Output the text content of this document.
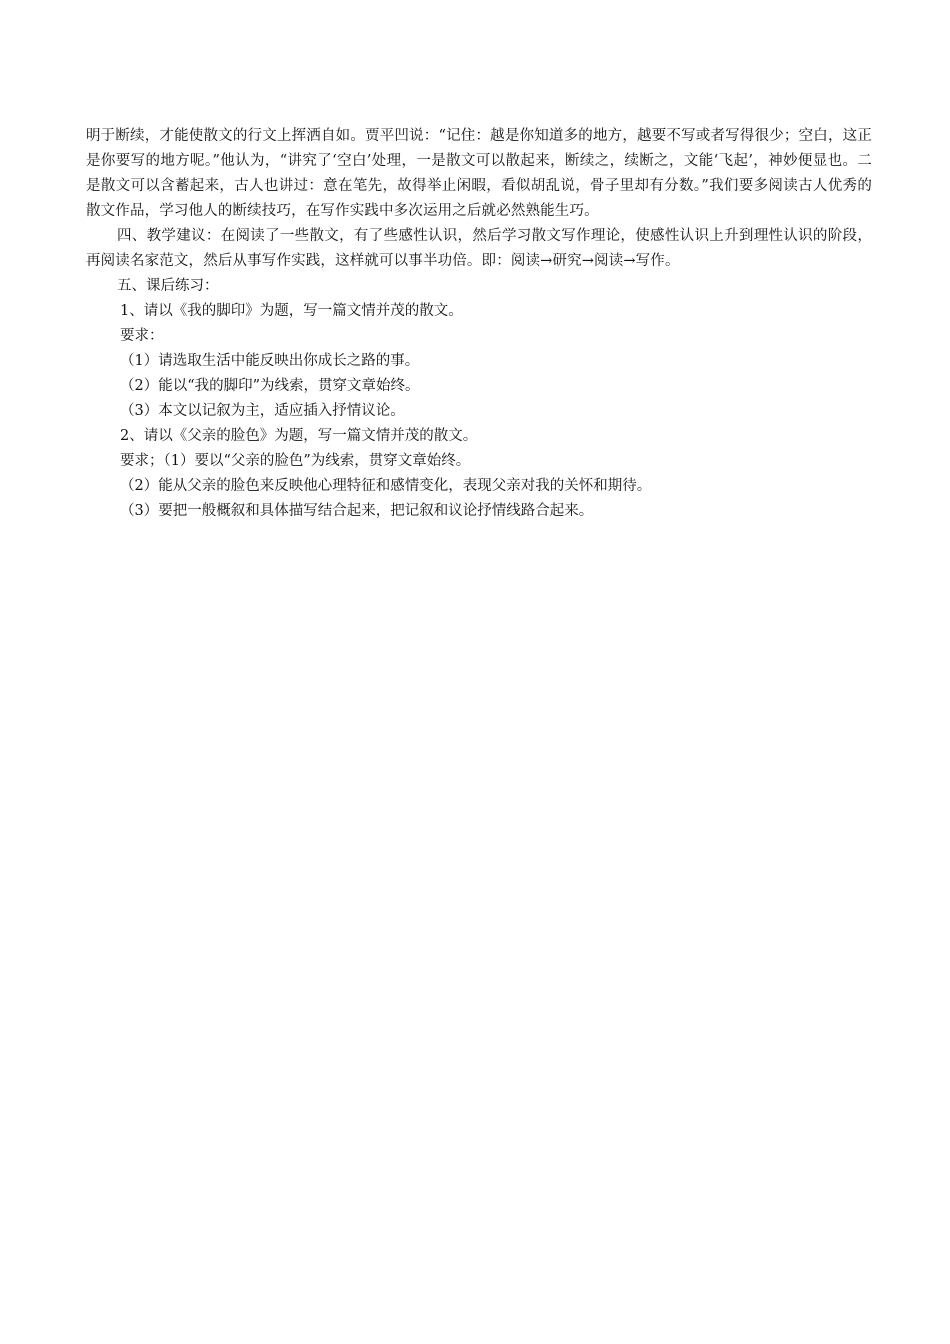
明于断续，才能使散文的行文上挥洒自如。贾平凹说：“记住：越是你知道多的地方，越要不写或者写得很少；空白，这正是你要写的地方呢。”他认为，“讲究了‘空白’处理，一是散文可以散起来，断续之，续断之，文能‘飞起’，神妙便显也。二是散文可以含蓄起来，古人也讲过：意在笔先，故得举止闲暇，看似胡乱说，骨子里却有分数。”我们要多阅读古人优秀的散文作品，学习他人的断续技巧，在写作实践中多次运用之后就必然熟能生巧。

四、教学建议：在阅读了一些散文，有了些感性认识，然后学习散文写作理论，使感性认识上升到理性认识的阶段，再阅读名家范文，然后从事写作实践，这样就可以事半功倍。即：阅读→研究→阅读→写作。

五、课后练习：

1、请以《我的脚印》为题，写一篇文情并茂的散文。

要求：

（1）请选取生活中能反映出你成长之路的事。

（2）能以“我的脚印”为线索，贯穿文章始终。

（3）本文以记叙为主，适应插入抒情议论。

2、请以《父亲的脸色》为题，写一篇文情并茂的散文。

要求；（1）要以“父亲的脸色”为线索，贯穿文章始终。

（2）能从父亲的脸色来反映他心理特征和感情变化，表现父亲对我的关怀和期待。

（3）要把一般概叙和具体描写结合起来，把记叙和议论抒情线路合起来。
